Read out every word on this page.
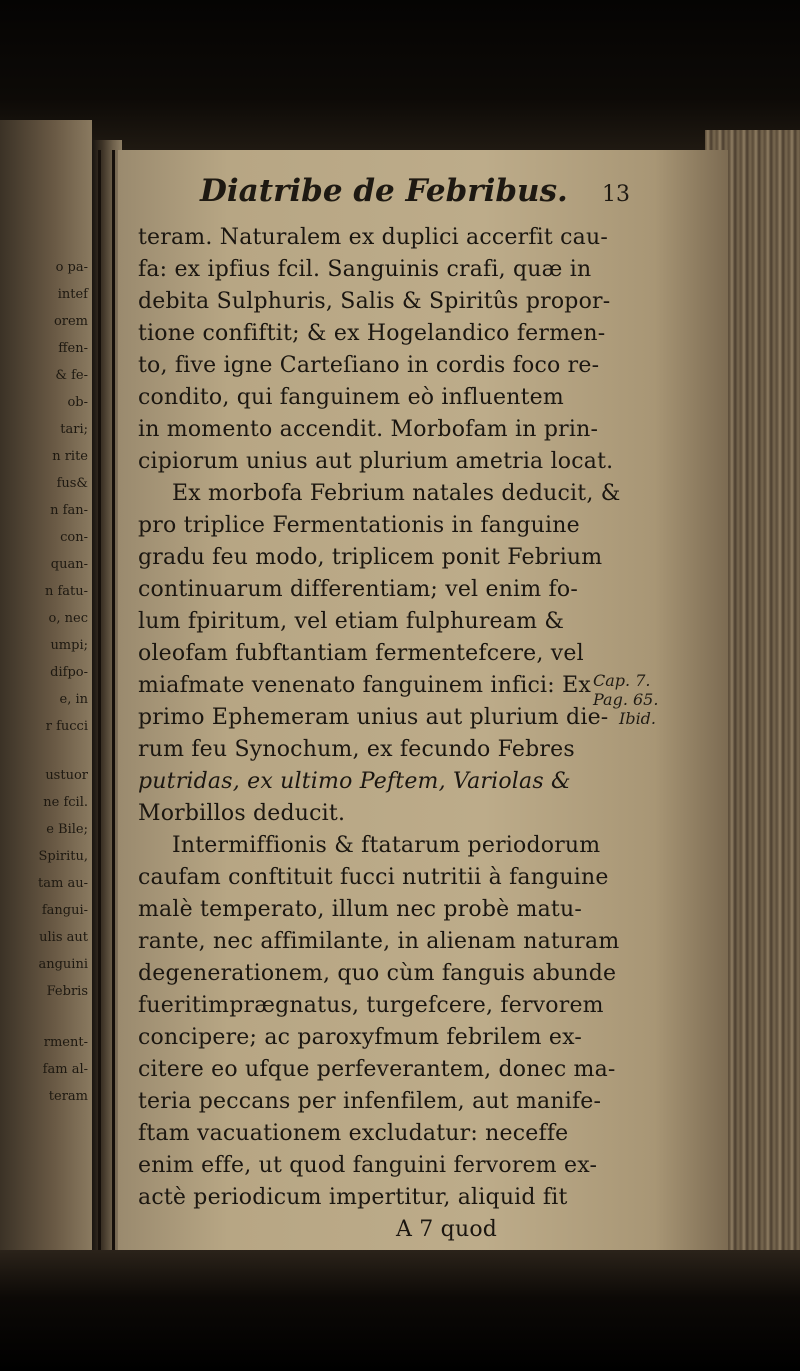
o pa-
intef
orem
ffen-
& fe-
ob-
tari;
n rite
fus&
n fan-
con-
quan-
n fatu-
o, nec
umpi;
difpo-
e, in
r fucci
ustuor
ne fcil.
e Bile;
Spiritu,
tam au-
fangui-
ulis aut
anguini
Febris
rment-
fam al-
teram
Diatribe de Febribus. 13
teram. Naturalem ex duplici accerfit cau-
fa: ex ipfius fcil. Sanguinis crafi, quæ in
debita Sulphuris, Salis & Spiritûs propor-
tione confiftit; & ex Hogelandico fermen-
to, five igne Carteſiano in cordis foco re-
condito, qui fanguinem eò influentem
in momento accendit. Morbofam in prin-
cipiorum unius aut plurium ametria locat.
Ex morbofa Febrium natales deducit, &
pro triplice Fermentationis in fanguine
gradu feu modo, triplicem ponit Febrium
continuarum differentiam; vel enim fo-
lum fpiritum, vel etiam fulphuream &
oleofam fubftantiam fermentefcere, vel
miafmate venenato fanguinem infici: Ex
primo Ephemeram unius aut plurium die-
rum feu Synochum, ex fecundo Febres
putridas, ex ultimo Peftem, Variolas &
Morbillos deducit.
Intermiffionis & ftatarum periodorum
caufam conftituit fucci nutritii à fanguine
malè temperato, illum nec probè matu-
rante, nec affimilante, in alienam naturam
degenerationem, quo cùm fanguis abunde
fueritimprægnatus, turgefcere, fervorem
concipere; ac paroxyfmum febrilem ex-
citere eo ufque perfeverantem, donec ma-
teria peccans per infenfilem, aut manife-
ftam vacuationem excludatur: neceffe
enim effe, ut quod fanguini fervorem ex-
actè periodicum impertitur, aliquid fit
A 7 quod
Cap. 7.
Pag. 65.
Ibid.
